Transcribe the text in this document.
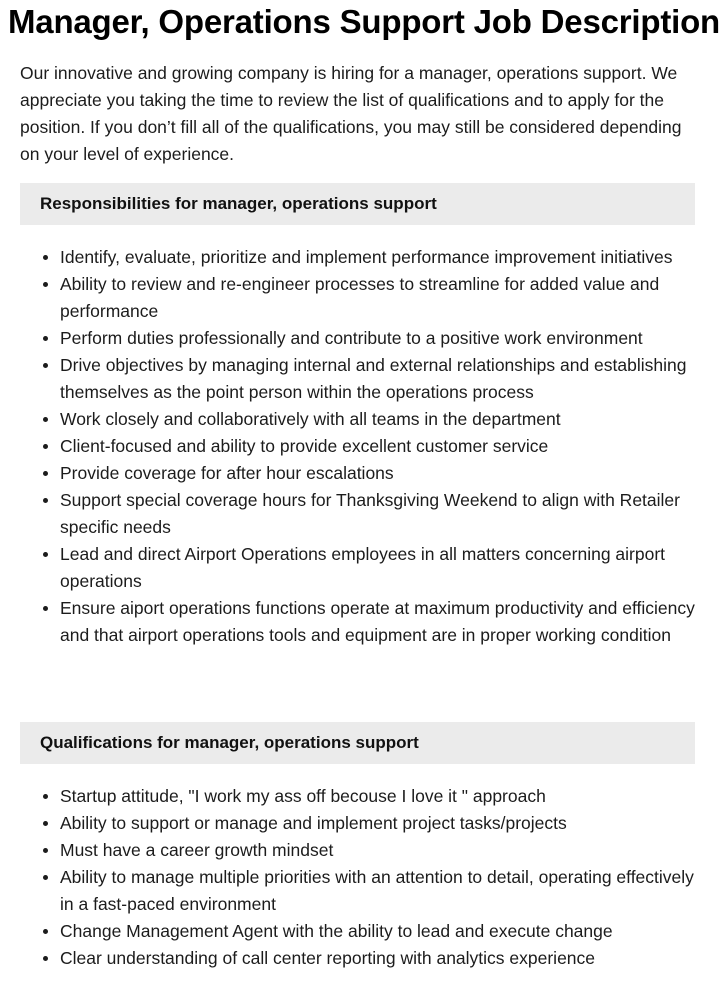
Manager, Operations Support Job Description

Our innovative and growing company is hiring for a manager, operations support. We appreciate you taking the time to review the list of qualifications and to apply for the position. If you don’t fill all of the qualifications, you may still be considered depending on your level of experience.

Responsibilities for manager, operations support
Identify, evaluate, prioritize and implement performance improvement initiatives
Ability to review and re-engineer processes to streamline for added value and performance
Perform duties professionally and contribute to a positive work environment
Drive objectives by managing internal and external relationships and establishing themselves as the point person within the operations process
Work closely and collaboratively with all teams in the department
Client-focused and ability to provide excellent customer service
Provide coverage for after hour escalations
Support special coverage hours for Thanksgiving Weekend to align with Retailer specific needs
Lead and direct Airport Operations employees in all matters concerning airport operations
Ensure aiport operations functions operate at maximum productivity and efficiency and that airport operations tools and equipment are in proper working condition
Qualifications for manager, operations support
Startup attitude, "I work my ass off becouse I love it " approach
Ability to support or manage and implement project tasks/projects
Must have a career growth mindset
Ability to manage multiple priorities with an attention to detail, operating effectively in a fast-paced environment
Change Management Agent with the ability to lead and execute change
Clear understanding of call center reporting with analytics experience
